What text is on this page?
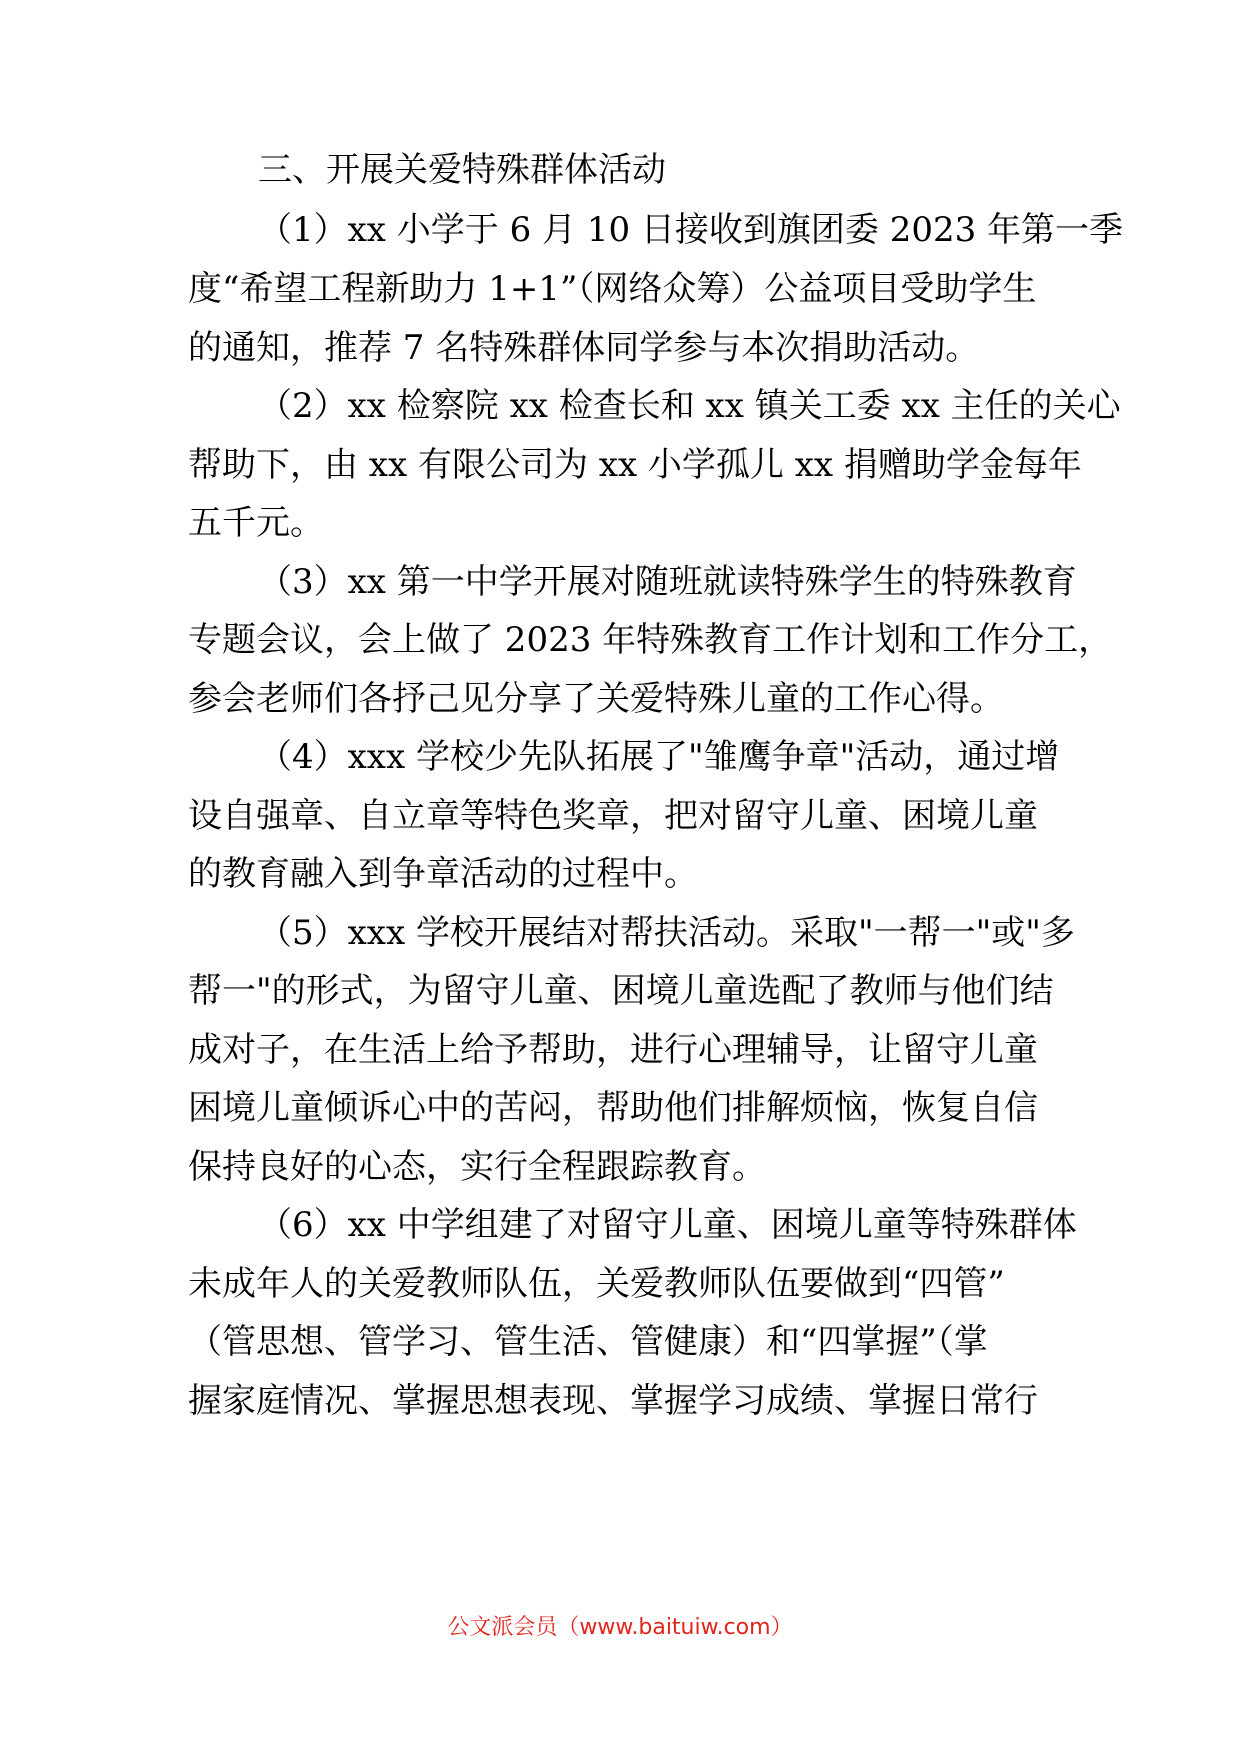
三、开展关爱特殊群体活动
（1）xx 小学于 6 月 10 日接收到旗团委 2023 年第一季
度“希望工程新助力 1+1”（网络众筹）公益项目受助学生
的通知，推荐 7 名特殊群体同学参与本次捐助活动。
（2）xx 检察院 xx 检查长和 xx 镇关工委 xx 主任的关心
帮助下，由 xx 有限公司为 xx 小学孤儿 xx 捐赠助学金每年
五千元。
（3）xx 第一中学开展对随班就读特殊学生的特殊教育
专题会议，会上做了 2023 年特殊教育工作计划和工作分工，
参会老师们各抒己见分享了关爱特殊儿童的工作心得。
（4）xxx 学校少先队拓展了"雏鹰争章"活动，通过增
设自强章、自立章等特色奖章，把对留守儿童、困境儿童
的教育融入到争章活动的过程中。
（5）xxx 学校开展结对帮扶活动。采取"一帮一"或"多
帮一"的形式，为留守儿童、困境儿童选配了教师与他们结
成对子，在生活上给予帮助，进行心理辅导，让留守儿童
困境儿童倾诉心中的苦闷，帮助他们排解烦恼，恢复自信
保持良好的心态，实行全程跟踪教育。
（6）xx 中学组建了对留守儿童、困境儿童等特殊群体
未成年人的关爱教师队伍，关爱教师队伍要做到“四管”
（管思想、管学习、管生活、管健康）和“四掌握”（掌
握家庭情况、掌握思想表现、掌握学习成绩、掌握日常行
公文派会员（www.baituiw.com）
